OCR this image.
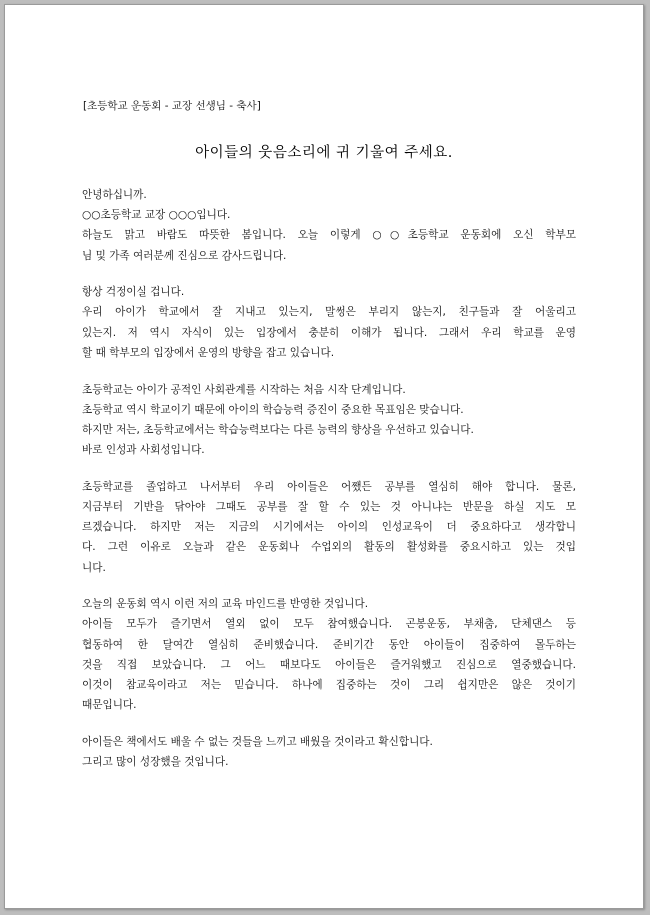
[초등학교 운동회 - 교장 선생님 - 축사]
아이들의 웃음소리에 귀 기울여 주세요.
안녕하십니까.
○○초등학교 교장 ○○○입니다.
하늘도 맑고 바람도 따뜻한 봄입니다. 오늘 이렇게 ○○초등학교 운동회에 오신 학부모
님 및 가족 여러분께 진심으로 감사드립니다.
항상 걱정이실 겁니다.
우리 아이가 학교에서 잘 지내고 있는지, 말썽은 부리지 않는지, 친구들과 잘 어울리고
있는지. 저 역시 자식이 있는 입장에서 충분히 이해가 됩니다. 그래서 우리 학교를 운영
할 때 학부모의 입장에서 운영의 방향을 잡고 있습니다.
초등학교는 아이가 공적인 사회관계를 시작하는 처음 시작 단계입니다.
초등학교 역시 학교이기 때문에 아이의 학습능력 증진이 중요한 목표임은 맞습니다.
하지만 저는, 초등학교에서는 학습능력보다는 다른 능력의 향상을 우선하고 있습니다.
바로 인성과 사회성입니다.
초등학교를 졸업하고 나서부터 우리 아이들은 어쨌든 공부를 열심히 해야 합니다. 물론,
지금부터 기반을 닦아야 그때도 공부를 잘 할 수 있는 것 아니냐는 반문을 하실 지도 모
르겠습니다. 하지만 저는 지금의 시기에서는 아이의 인성교육이 더 중요하다고 생각합니
다. 그런 이유로 오늘과 같은 운동회나 수업외의 활동의 활성화를 중요시하고 있는 것입
니다.
오늘의 운동회 역시 이런 저의 교육 마인드를 반영한 것입니다.
아이들 모두가 즐기면서 열외 없이 모두 참여했습니다. 곤봉운동, 부채춤, 단체댄스 등
협동하여 한 달여간 열심히 준비했습니다. 준비기간 동안 아이들이 집중하여 몰두하는
것을 직접 보았습니다. 그 어느 때보다도 아이들은 즐거워했고 진심으로 열중했습니다.
이것이 참교육이라고 저는 믿습니다. 하나에 집중하는 것이 그리 쉽지만은 않은 것이기
때문입니다.
아이들은 책에서도 배울 수 없는 것들을 느끼고 배웠을 것이라고 확신합니다.
그리고 많이 성장했을 것입니다.
